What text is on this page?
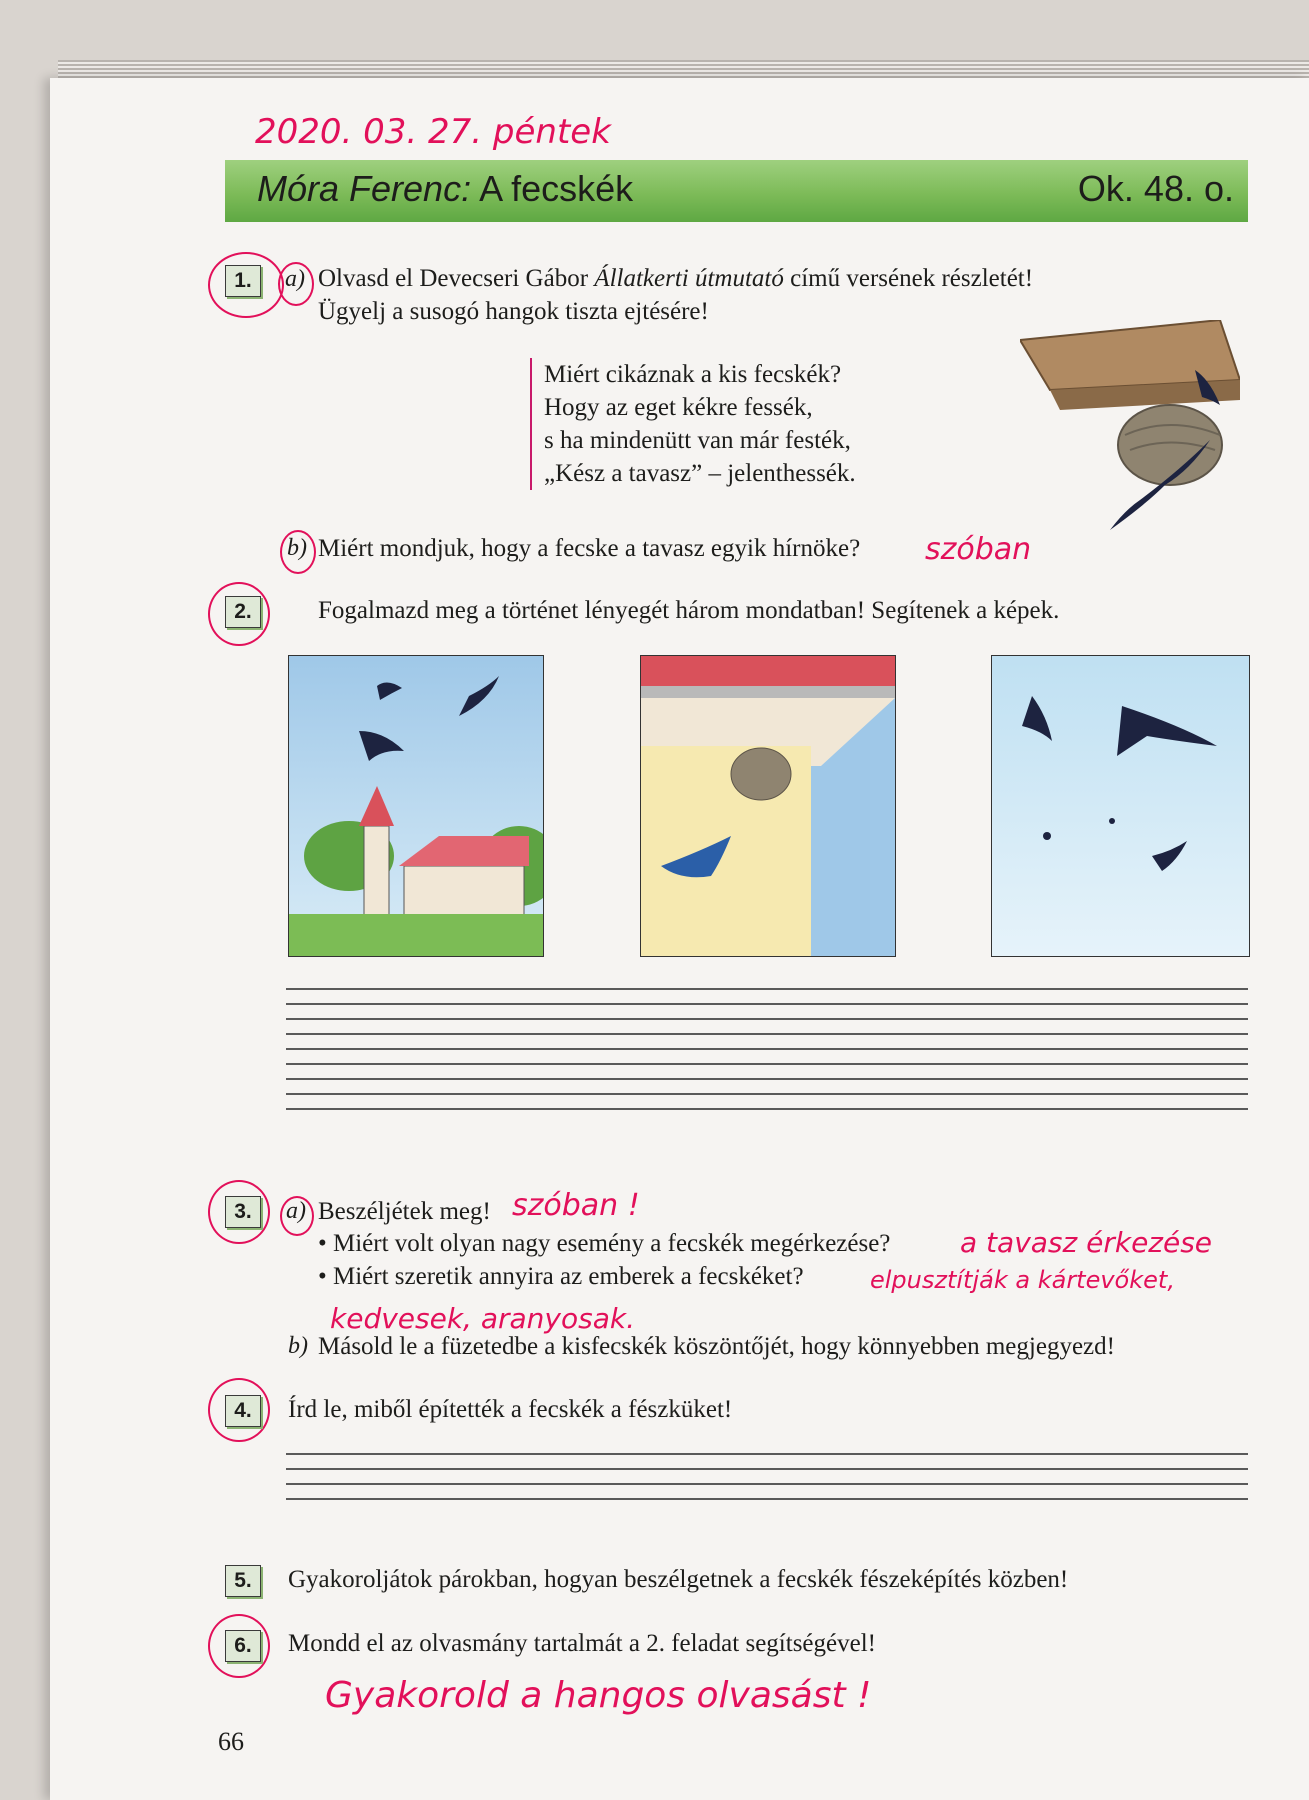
2020. 03. 27. péntek
Móra Ferenc: A fecskék	Ok. 48. o.
1.	a) Olvasd el Devecseri Gábor Állatkerti útmutató című versének részletét!
Ügyelj a susogó hangok tiszta ejtésére!
Miért cikáznak a kis fecskék?
Hogy az eget kékre fessék,
s ha mindenütt van már festék,
„Kész a tavasz” – jelenthessék.
b) Miért mondjuk, hogy a fecske a tavasz egyik hírnöke? szóban
2.	Fogalmazd meg a történet lényegét három mondatban! Segítenek a képek.
3.	a) Beszéljétek meg! szóban !
• Miért volt olyan nagy esemény a fecskék megérkezése? a tavasz érkezése
• Miért szeretik annyira az emberek a fecskéket?	elpusztítják a kártevőket,
kedvesek, aranyosak.
b) Másold le a füzetedbe a kisfecskék köszöntőjét, hogy könnyebben megjegyezd!
4.	Írd le, miből építették a fecskék a fészküket!
5.	Gyakoroljátok párokban, hogyan beszélgetnek a fecskék fészeképítés közben!
6.	Mondd el az olvasmány tartalmát a 2. feladat segítségével!
Gyakorold a hangos olvasást !
66
